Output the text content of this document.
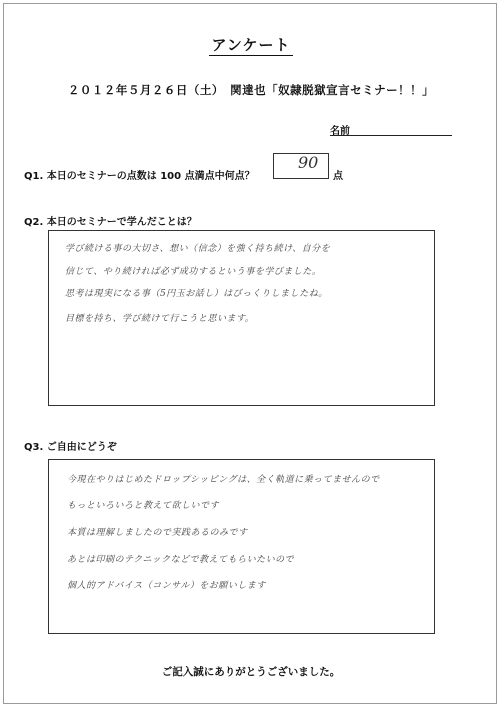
アンケート
２０１２年５月２６日（土）　関達也「奴隷脱獄宣言セミナー！！」
名前
Q1. 本日のセミナーの点数は 100 点満点中何点？
90
点
Q2. 本日のセミナーで学んだことは？
学び続ける事の大切さ、想い（信念）を強く持ち続け、自分を
信じて、やり続ければ必ず成功するという事を学びました。
思考は現実になる事（5円玉お話し）はびっくりしましたね。
目標を持ち、学び続けて行こうと思います。
Q3. ご自由にどうぞ
今現在やりはじめたドロップシッピングは、全く軌道に乗ってませんので
もっといろいろと教えて欲しいです
本質は理解しましたので実践あるのみです
あとは印刷のテクニックなどで教えてもらいたいので
個人的アドバイス（コンサル）をお願いします
ご記入誠にありがとうございました。
